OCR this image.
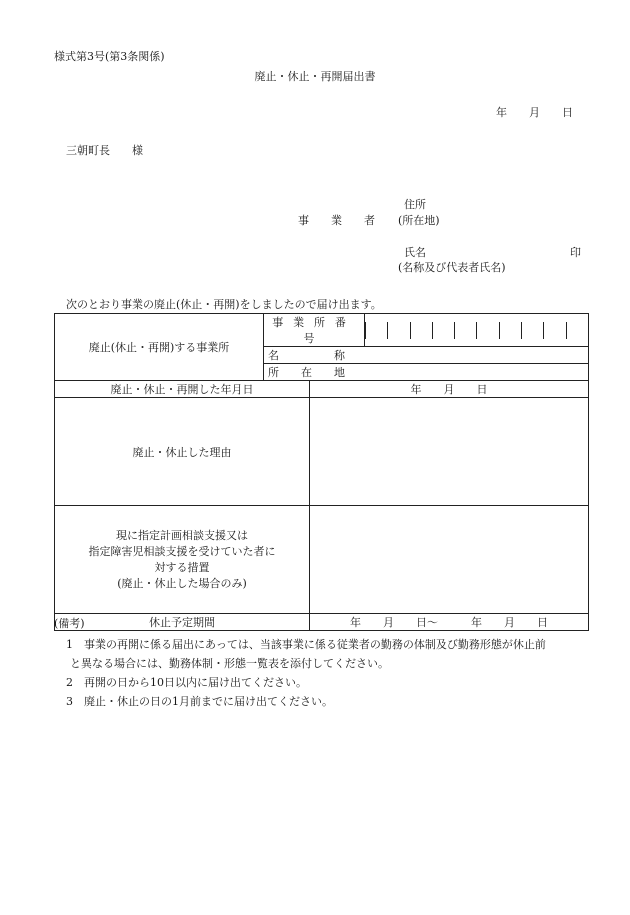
様式第3号(第3条関係)
廃止・休止・再開届出書
年　　月　　日
三朝町長　　様
住所
事　　業　　者 (所在地)
氏名	印
(名称及び代表者氏名)
次のとおり事業の廃止(休止・再開)をしましたので届け出ます。
廃止(休止・再開)する事業所	事業所番号		

	名　　　　　称		
	所　　在　　地		
廃止・休止・再開した年月日		年　　月　　日	
廃止・休止した理由			

現に指定計画相談支援又は
指定障害児相談支援を受けていた者に
対する措置
(廃止・休止した場合のみ)			

休止予定期間		年　　月　　日～　　　年　　月　　日	
(備考)
1　事業の再開に係る届出にあっては、当該事業に係る従業者の勤務の体制及び勤務形態が休止前
と異なる場合には、勤務体制・形態一覧表を添付してください。
2　再開の日から10日以内に届け出てください。
3　廃止・休止の日の1月前までに届け出てください。
